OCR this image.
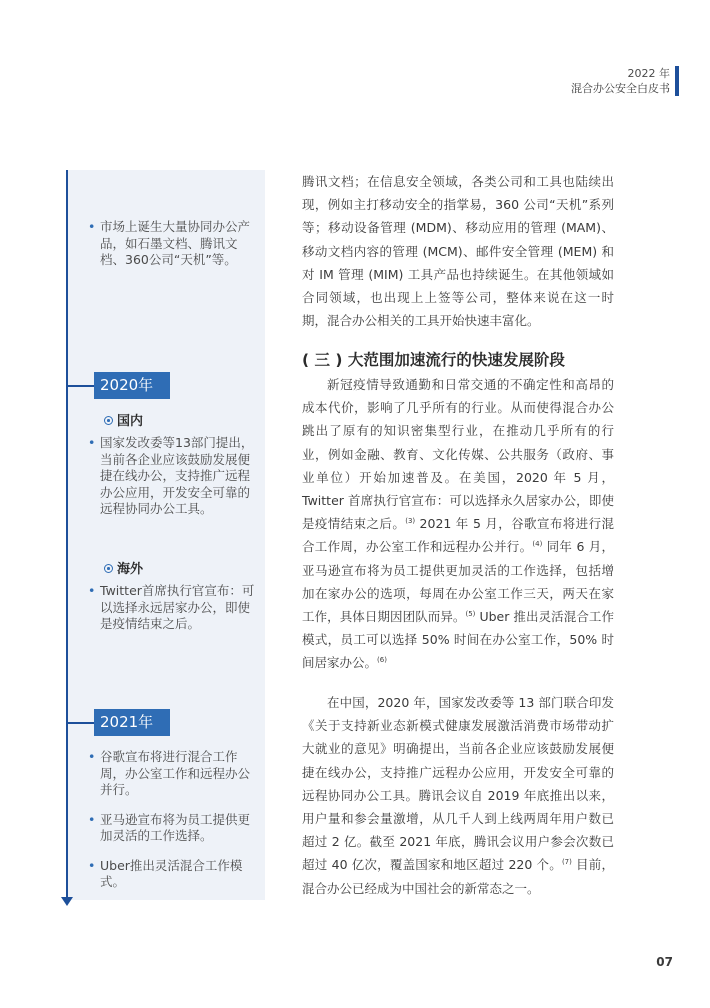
2022 年
混合办公安全白皮书
• 市场上诞生大量协同办公产品，如石墨文档、腾讯文档、360公司“天机”等。
2020年
国内
• 国家发改委等13部门提出，当前各企业应该鼓励发展便捷在线办公，支持推广远程办公应用，开发安全可靠的远程协同办公工具。
海外
• Twitter首席执行官宣布：可以选择永远居家办公，即使是疫情结束之后。
2021年
• 谷歌宣布将进行混合工作周，办公室工作和远程办公并行。
• 亚马逊宣布将为员工提供更加灵活的工作选择。
• Uber推出灵活混合工作模式。

腾讯文档；在信息安全领域，各类公司和工具也陆续出现，例如主打移动安全的指掌易，360 公司“天机”系列等；移动设备管理 (MDM)、移动应用的管理 (MAM)、移动文档内容的管理 (MCM)、邮件安全管理 (MEM) 和对 IM 管理 (MIM) 工具产品也持续诞生。在其他领域如合同领域，也出现上上签等公司，整体来说在这一时期，混合办公相关的工具开始快速丰富化。

( 三 ) 大范围加速流行的快速发展阶段

新冠疫情导致通勤和日常交通的不确定性和高昂的成本代价，影响了几乎所有的行业。从而使得混合办公跳出了原有的知识密集型行业，在推动几乎所有的行业，例如金融、教育、文化传媒、公共服务（政府、事业单位）开始加速普及。在美国，2020 年 5 月，Twitter 首席执行官宣布：可以选择永久居家办公，即使是疫情结束之后。$^{(3)}$ 2021 年 5 月，谷歌宣布将进行混合工作周，办公室工作和远程办公并行。$^{(4)}$ 同年 6 月，亚马逊宣布将为员工提供更加灵活的工作选择，包括增加在家办公的选项，每周在办公室工作三天，两天在家工作，具体日期因团队而异。$^{(5)}$ Uber 推出灵活混合工作模式，员工可以选择 50% 时间在办公室工作，50% 时间居家办公。$^{(6)}$

在中国，2020 年，国家发改委等 13 部门联合印发《关于支持新业态新模式健康发展激活消费市场带动扩大就业的意见》明确提出，当前各企业应该鼓励发展便捷在线办公，支持推广远程办公应用，开发安全可靠的远程协同办公工具。腾讯会议自 2019 年底推出以来，用户量和参会量激增，从几千人到上线两周年用户数已超过 2 亿。截至 2021 年底，腾讯会议用户参会次数已超过 40 亿次，覆盖国家和地区超过 220 个。$^{(7)}$ 目前，混合办公已经成为中国社会的新常态之一。

07
